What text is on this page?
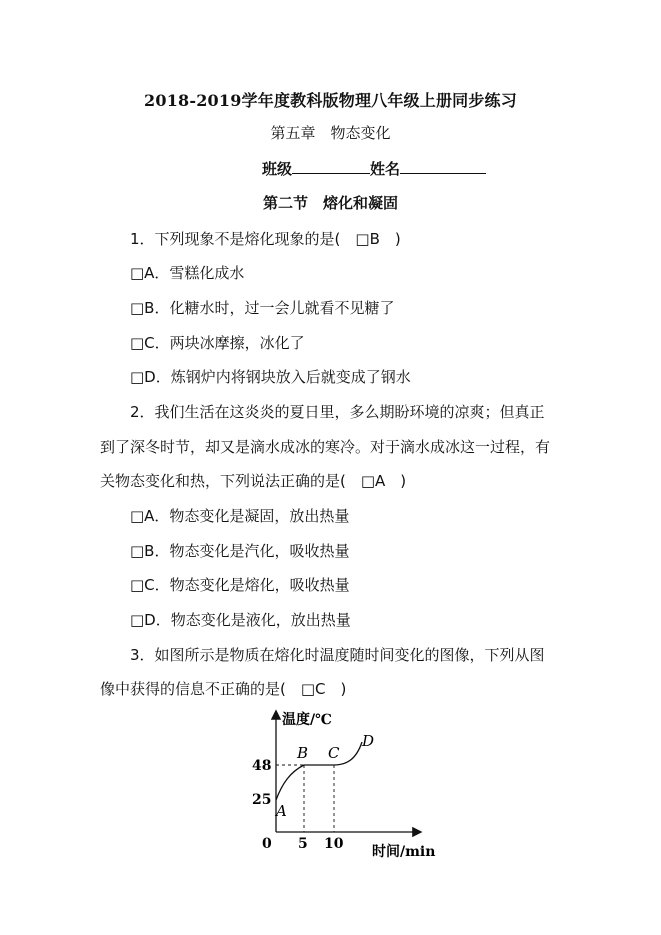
2018-2019学年度教科版物理八年级上册同步练习
第五章　物态变化
班级	姓名
第二节　熔化和凝固
1．下列现象不是熔化现象的是(　□B　)
□A．雪糕化成水
□B．化糖水时，过一会儿就看不见糖了
□C．两块冰摩擦，冰化了
□D．炼钢炉内将钢块放入后就变成了钢水
2．我们生活在这炎炎的夏日里，多么期盼环境的凉爽；但真正
到了深冬时节，却又是滴水成冰的寒冷。对于滴水成冰这一过程，有
关物态变化和热，下列说法正确的是(　□A　)
□A．物态变化是凝固，放出热量
□B．物态变化是汽化，吸收热量
□C．物态变化是熔化，吸收热量
□D．物态变化是液化，放出热量
3．如图所示是物质在熔化时温度随时间变化的图像，下列从图
像中获得的信息不正确的是(　□C　)
温度/℃
时间/min
48
25
0 5 10
A
B C
D
